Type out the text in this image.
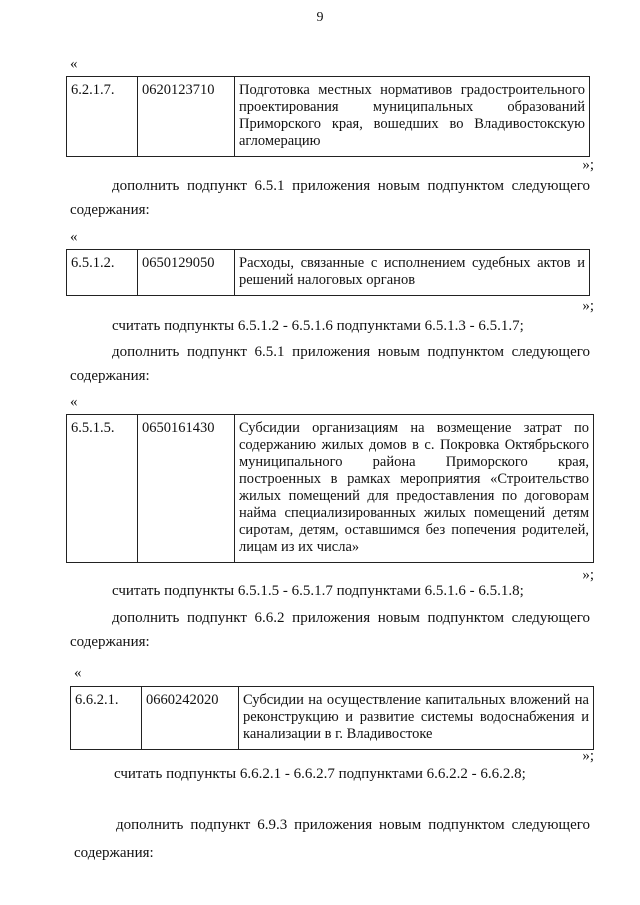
9
«
6.2.1.7.	0620123710	Подготовка местных нормативов градостроительного проектирования муниципальных образований Приморского края, вошедших во Владивостокскую агломерацию
»;
дополнить подпункт 6.5.1 приложения новым подпунктом следующего
содержания:
«
6.5.1.2.	0650129050	Расходы, связанные с исполнением судебных актов и решений налоговых органов
»;
считать подпункты 6.5.1.2 - 6.5.1.6 подпунктами 6.5.1.3 - 6.5.1.7;
дополнить подпункт 6.5.1 приложения новым подпунктом следующего
содержания:
«
6.5.1.5.	0650161430	Субсидии организациям на возмещение затрат по содержанию жилых домов в с. Покровка Октябрьского муниципального района Приморского края, построенных в рамках мероприятия «Строительство жилых помещений для предоставления по договорам найма специализированных жилых помещений детям сиротам, детям, оставшимся без попечения родителей, лицам из их числа»
»;
считать подпункты 6.5.1.5 - 6.5.1.7 подпунктами 6.5.1.6 - 6.5.1.8;
дополнить подпункт 6.6.2 приложения новым подпунктом следующего
содержания:
«
6.6.2.1.	0660242020	Субсидии на осуществление капитальных вложений на реконструкцию и развитие системы водоснабжения и канализации в г. Владивостоке
»;
считать подпункты 6.6.2.1 - 6.6.2.7 подпунктами 6.6.2.2 - 6.6.2.8;
дополнить подпункт 6.9.3 приложения новым подпунктом следующего
содержания:
